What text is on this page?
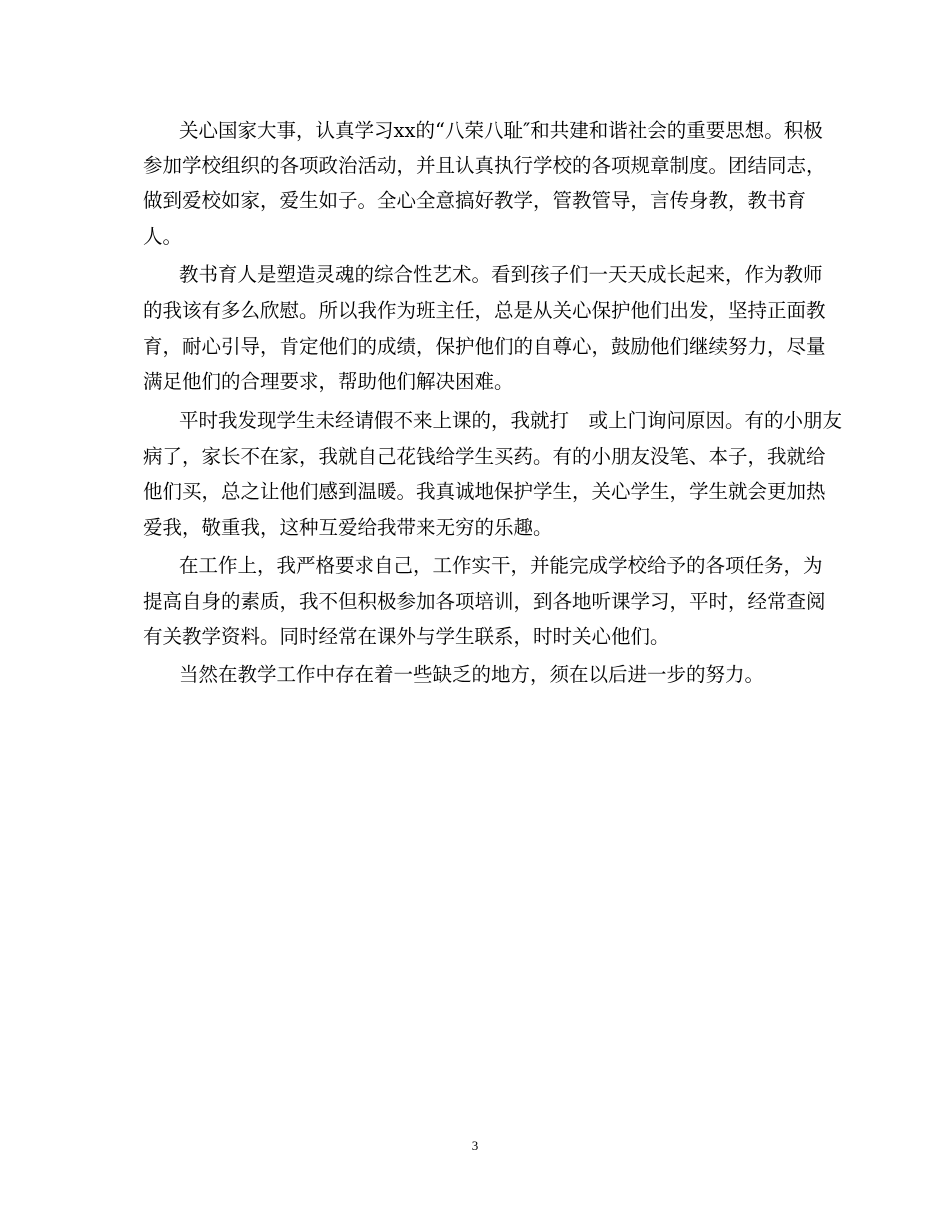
关心国家大事，认真学习xx的“八荣八耻″和共建和谐社会的重要思想。积极
参加学校组织的各项政治活动，并且认真执行学校的各项规章制度。团结同志，
做到爱校如家，爱生如子。全心全意搞好教学，管教管导，言传身教，教书育
人。
教书育人是塑造灵魂的综合性艺术。看到孩子们一天天成长起来，作为教师
的我该有多么欣慰。所以我作为班主任，总是从关心保护他们出发，坚持正面教
育，耐心引导，肯定他们的成绩，保护他们的自尊心，鼓励他们继续努力，尽量
满足他们的合理要求，帮助他们解决困难。
平时我发现学生未经请假不来上课的，我就打　或上门询问原因。有的小朋友
病了，家长不在家，我就自己花钱给学生买药。有的小朋友没笔、本子，我就给
他们买，总之让他们感到温暖。我真诚地保护学生，关心学生，学生就会更加热
爱我，敬重我，这种互爱给我带来无穷的乐趣。
在工作上，我严格要求自己，工作实干，并能完成学校给予的各项任务，为
提高自身的素质，我不但积极参加各项培训，到各地听课学习，平时，经常查阅
有关教学资料。同时经常在课外与学生联系，时时关心他们。
当然在教学工作中存在着一些缺乏的地方，须在以后进一步的努力。
3
